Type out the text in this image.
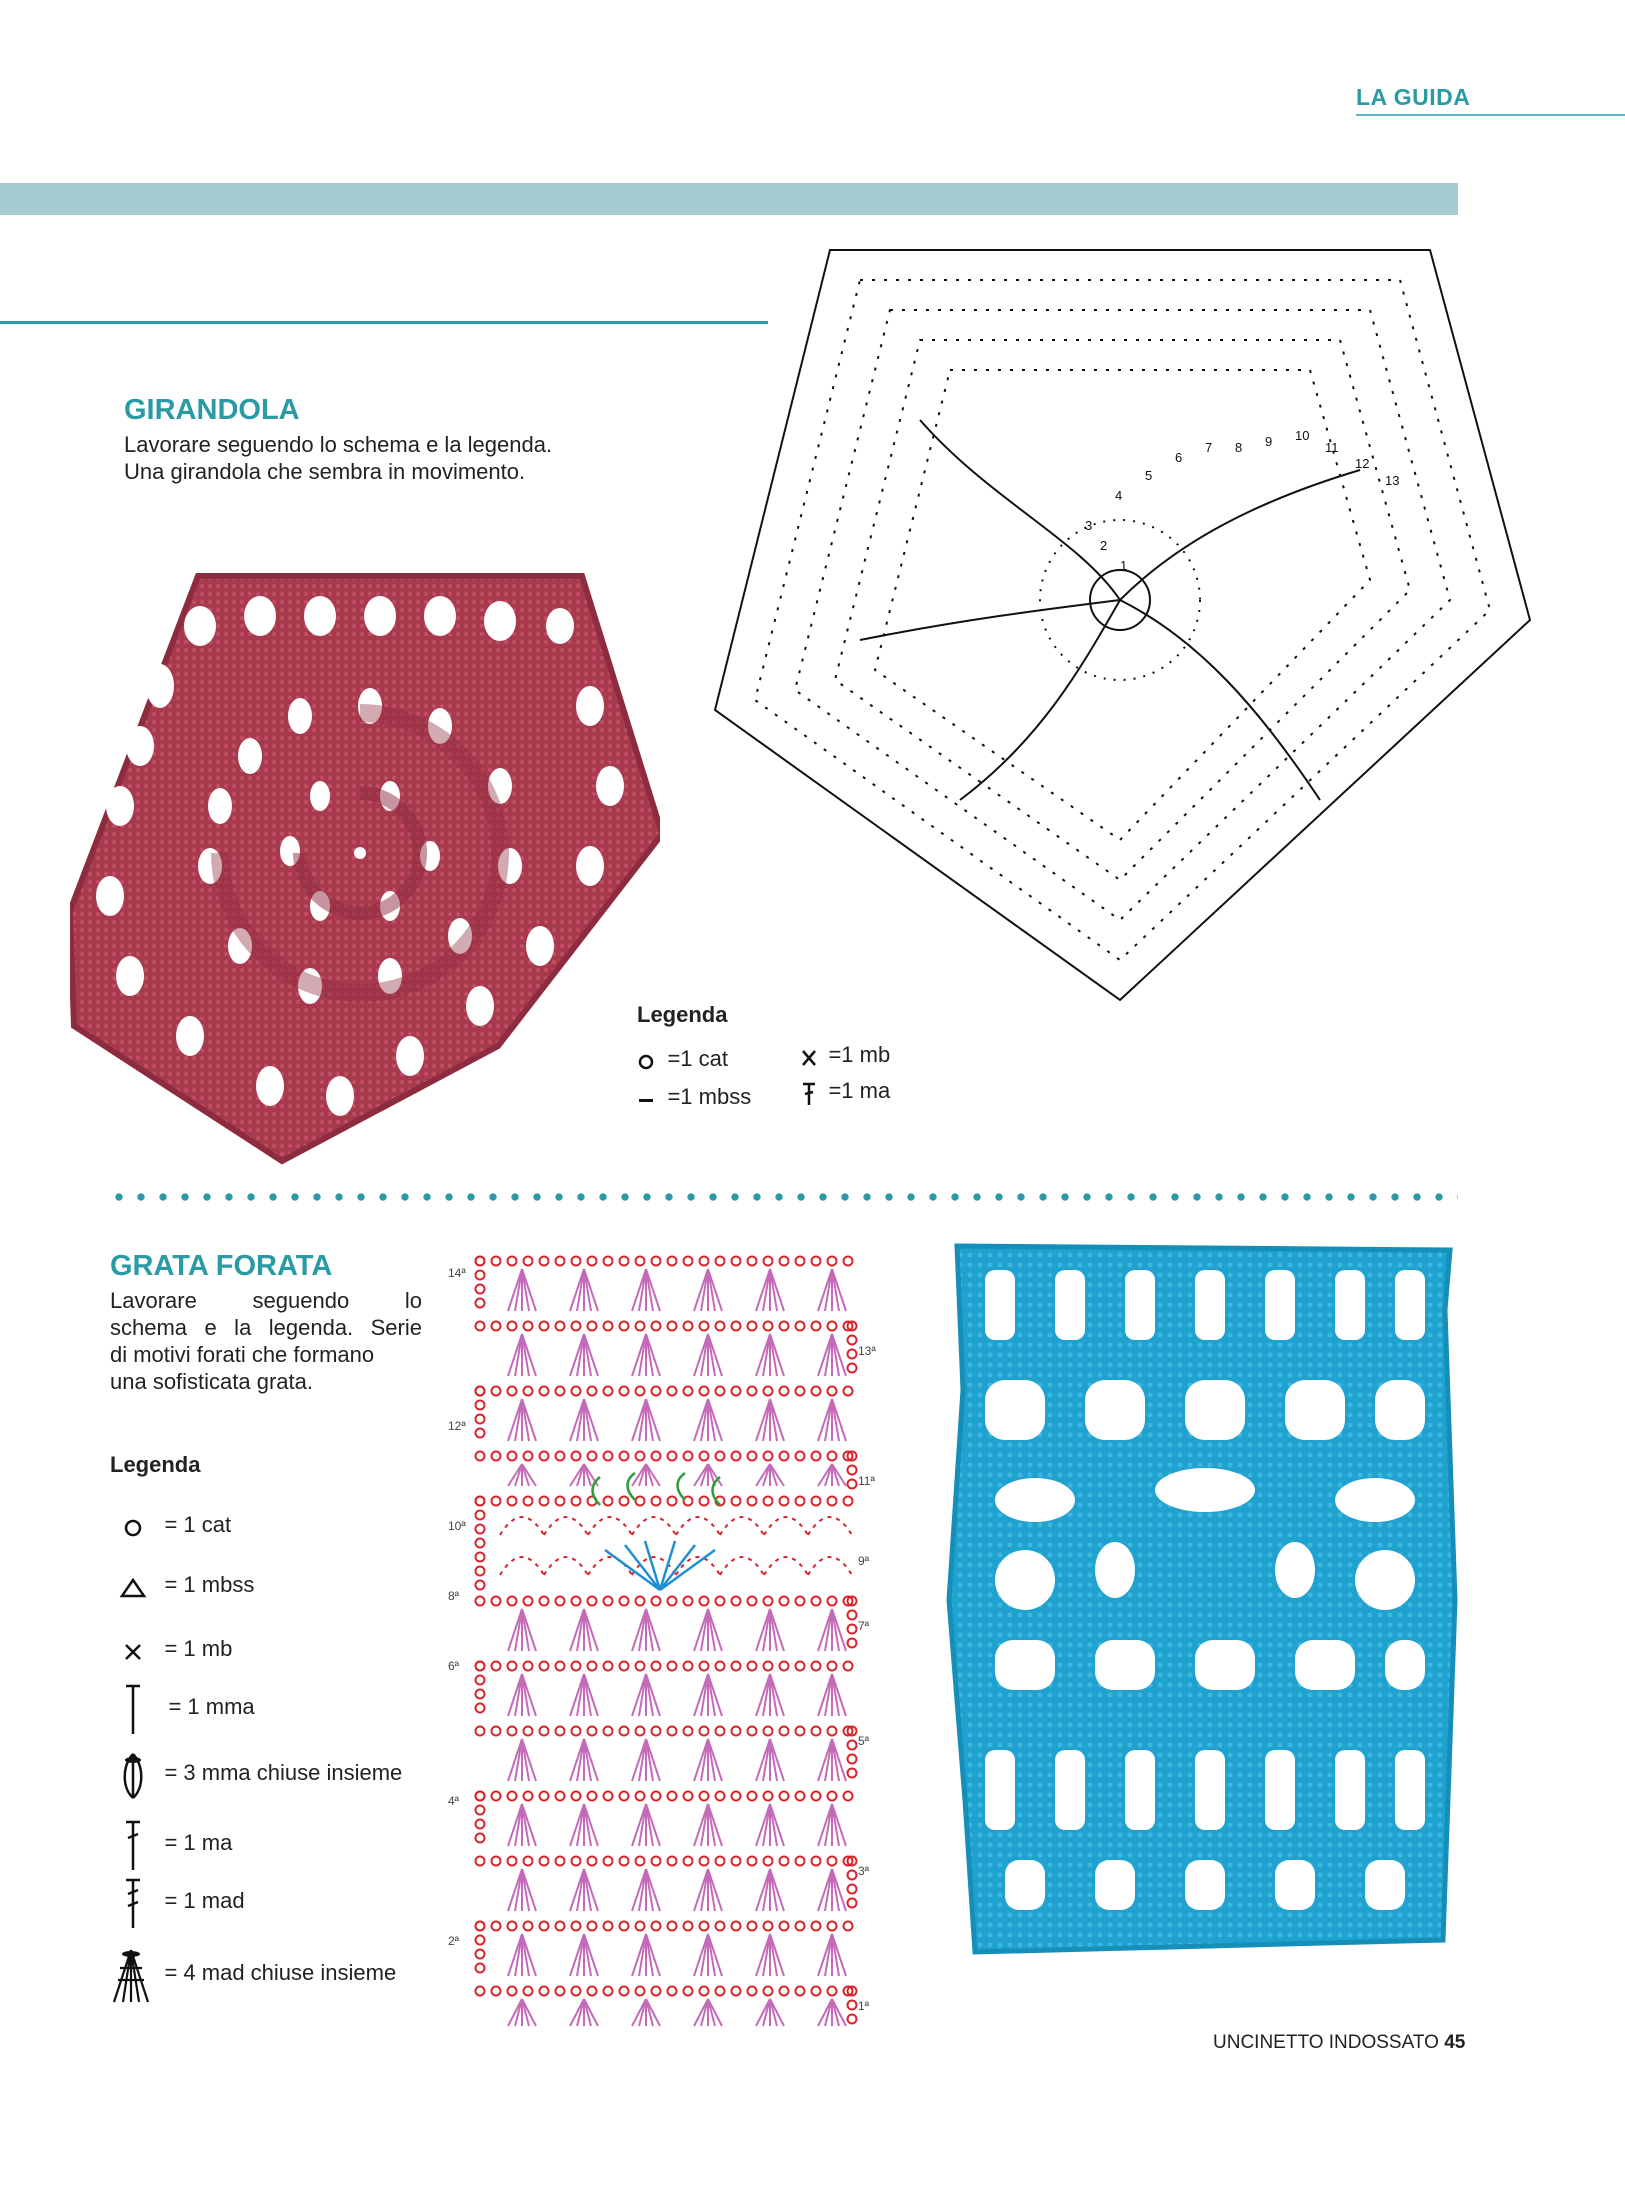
LA GUIDA
GIRANDOLA

Lavorare seguendo lo schema e la legenda.

Una girandola che sembra in movimento.

1
2
3
4
5
6
7 8 9 10
11
12
13
Legenda
=1 cat
=1 mbss
=1 mb
=1 ma
GRATA FORATA

Lavorare seguendo lo

schema e la legenda. Serie

di motivi forati che formano

una sofisticata grata.

Legenda
= 1 cat
= 1 mbss
= 1 mb
= 1 mma
= 3 mma chiuse insieme
= 1 ma
= 1 mad
= 4 mad chiuse insieme
14ª
12ª
10ª
8ª
6ª
4ª
2ª
13ª
11ª
9ª
7ª
5ª
3ª
1ª
UNCINETTO INDOSSATO 45
